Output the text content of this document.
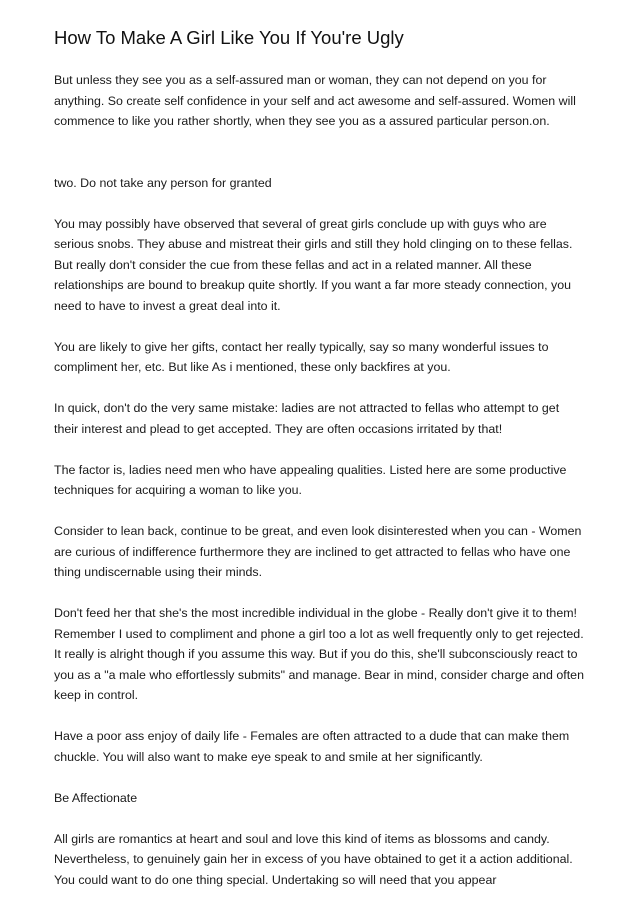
How To Make A Girl Like You If You're Ugly

But unless they see you as a self-assured man or woman, they can not depend on you for anything. So create self confidence in your self and act awesome and self-assured. Women will commence to like you rather shortly, when they see you as a assured particular person.on.

two. Do not take any person for granted

You may possibly have observed that several of great girls conclude up with guys who are serious snobs. They abuse and mistreat their girls and still they hold clinging on to these fellas. But really don't consider the cue from these fellas and act in a related manner. All these relationships are bound to breakup quite shortly. If you want a far more steady connection, you need to have to invest a great deal into it.

You are likely to give her gifts, contact her really typically, say so many wonderful issues to compliment her, etc. But like As i mentioned, these only backfires at you.

In quick, don't do the very same mistake: ladies are not attracted to fellas who attempt to get their interest and plead to get accepted. They are often occasions irritated by that!

The factor is, ladies need men who have appealing qualities. Listed here are some productive techniques for acquiring a woman to like you.

Consider to lean back, continue to be great, and even look disinterested when you can - Women are curious of indifference furthermore they are inclined to get attracted to fellas who have one thing undiscernable using their minds.

Don't feed her that she's the most incredible individual in the globe - Really don't give it to them! Remember I used to compliment and phone a girl too a lot as well frequently only to get rejected. It really is alright though if you assume this way. But if you do this, she'll subconsciously react to you as a "a male who effortlessly submits" and manage. Bear in mind, consider charge and often keep in control.

Have a poor ass enjoy of daily life - Females are often attracted to a dude that can make them chuckle. You will also want to make eye speak to and smile at her significantly.

Be Affectionate

All girls are romantics at heart and soul and love this kind of items as blossoms and candy. Nevertheless, to genuinely gain her in excess of you have obtained to get it a action additional. You could want to do one thing special. Undertaking so will need that you appear
